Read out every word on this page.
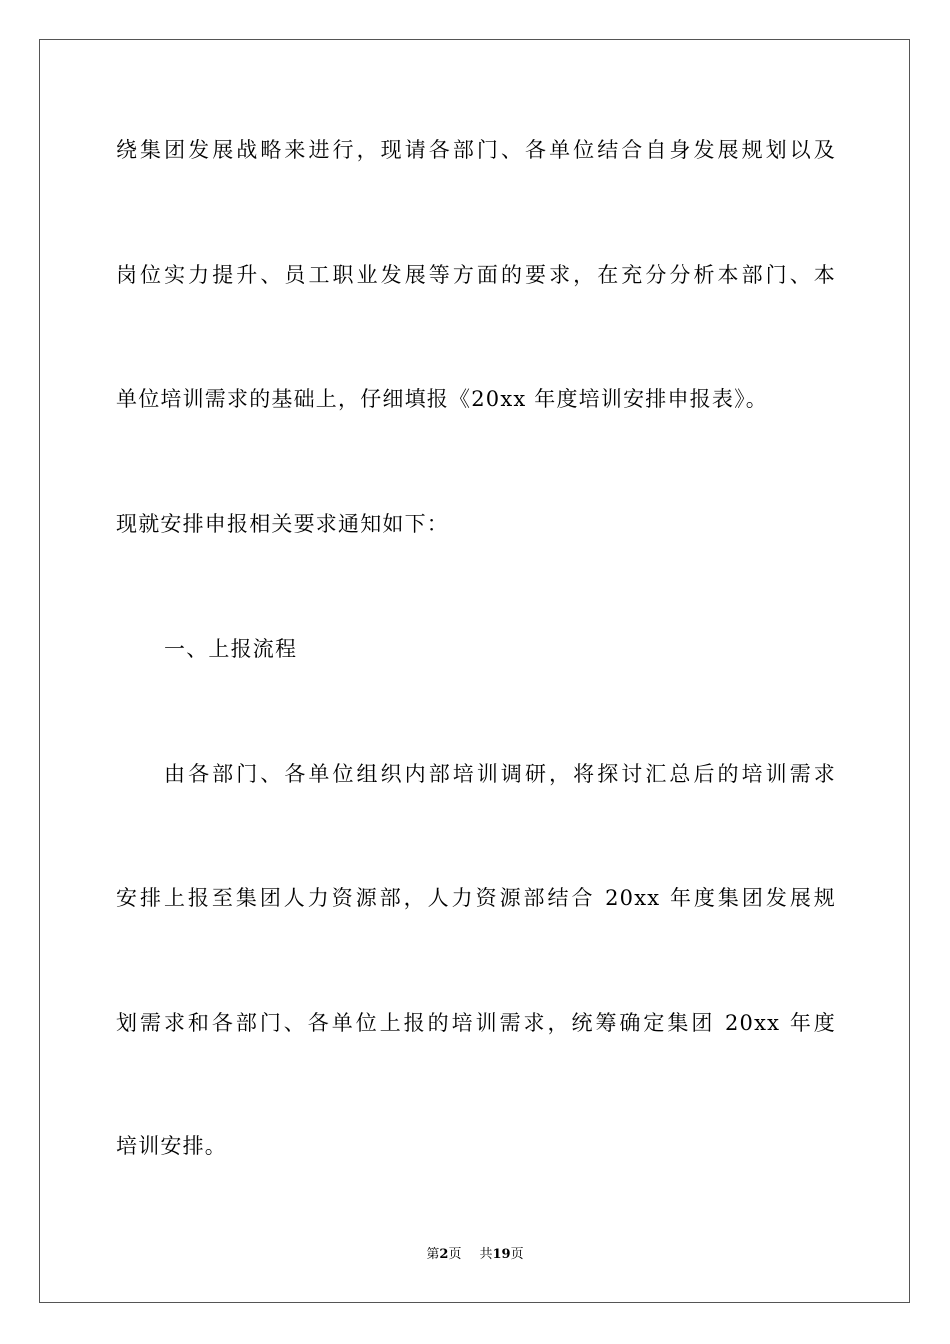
绕集团发展战略来进行，现请各部门、各单位结合自身发展规划以及
岗位实力提升、员工职业发展等方面的要求，在充分分析本部门、本
单位培训需求的基础上，仔细填报《20xx 年度培训安排申报表》。
现就安排申报相关要求通知如下：
一、上报流程
由各部门、各单位组织内部培训调研，将探讨汇总后的培训需求
安排上报至集团人力资源部，人力资源部结合 20xx 年度集团发展规
划需求和各部门、各单位上报的培训需求，统筹确定集团 20xx 年度
培训安排。
第2页 共19页
